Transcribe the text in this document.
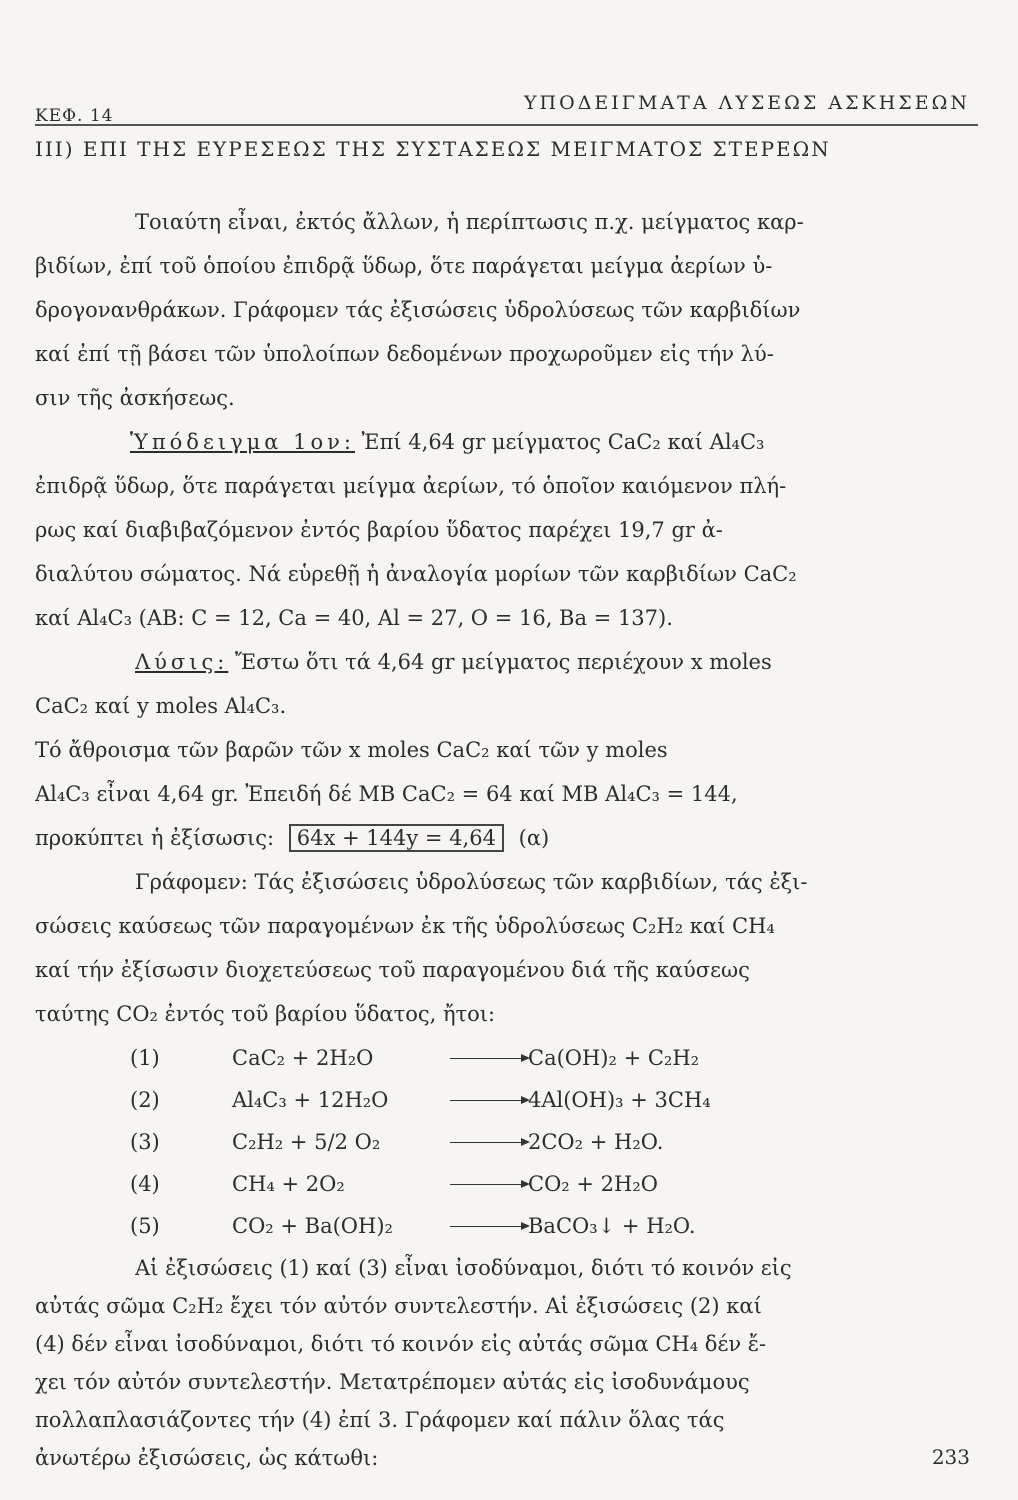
ΚΕΦ. 14
ΥΠΟΔΕΙΓΜΑΤΑ ΛΥΣΕΩΣ ΑΣΚΗΣΕΩΝ
III) ΕΠΙ ΤΗΣ ΕΥΡΕΣΕΩΣ ΤΗΣ ΣΥΣΤΑΣΕΩΣ ΜΕΙΓΜΑΤΟΣ ΣΤΕΡΕΩΝ
Τοιαύτη εἶναι, ἐκτός ἄλλων, ἡ περίπτωσις π.χ. μείγματος καρ-
βιδίων, ἐπί τοῦ ὁποίου ἐπιδρᾷ ὕδωρ, ὅτε παράγεται μείγμα ἀερίων ὑ-
δρογονανθράκων. Γράφομεν τάς ἐξισώσεις ὑδρολύσεως τῶν καρβιδίων
καί ἐπί τῇ βάσει τῶν ὑπολοίπων δεδομένων προχωροῦμεν εἰς τήν λύ-
σιν τῆς ἀσκήσεως.
Ὑπόδειγμα 1ον: Ἐπί 4,64 gr μείγματος CaC₂ καί Al₄C₃
ἐπιδρᾷ ὕδωρ, ὅτε παράγεται μείγμα ἀερίων, τό ὁποῖον καιόμενον πλή-
ρως καί διαβιβαζόμενον ἐντός βαρίου ὕδατος παρέχει 19,7 gr ἀ-
διαλύτου σώματος. Νά εὑρεθῇ ἡ ἀναλογία μορίων τῶν καρβιδίων CaC₂
καί Al₄C₃ (ΑΒ: C = 12, Ca = 40, Al = 27, O = 16, Ba = 137).
Λύσις: Ἔστω ὅτι τά 4,64 gr μείγματος περιέχουν x moles
CaC₂ καί y moles Al₄C₃.
Τό ἄθροισμα τῶν βαρῶν τῶν x moles CaC₂ καί τῶν y moles
Al₄C₃ εἶναι 4,64 gr. Ἐπειδή δέ ΜΒ CaC₂ = 64 καί ΜΒ Al₄C₃ = 144,
προκύπτει ἡ ἐξίσωσις: 64x + 144y = 4,64 (α)
Γράφομεν: Τάς ἐξισώσεις ὑδρολύσεως τῶν καρβιδίων, τάς ἐξι-
σώσεις καύσεως τῶν παραγομένων ἐκ τῆς ὑδρολύσεως C₂H₂ καί CH₄
καί τήν ἐξίσωσιν διοχετεύσεως τοῦ παραγομένου διά τῆς καύσεως
ταύτης CO₂ ἐντός τοῦ βαρίου ὕδατος, ἤτοι:
(1)	CaC₂ + 2H₂O	Ca(OH)₂ + C₂H₂
(2)	Al₄C₃ + 12H₂O	4Al(OH)₃ + 3CH₄
(3)	C₂H₂ + 5/2 O₂	2CO₂ + H₂O.
(4)	CH₄ + 2O₂	CO₂ + 2H₂O
(5)	CO₂ + Ba(OH)₂	BaCO₃↓ + H₂O.
Αἱ ἐξισώσεις (1) καί (3) εἶναι ἰσοδύναμοι, διότι τό κοινόν εἰς
αὐτάς σῶμα C₂H₂ ἔχει τόν αὐτόν συντελεστήν. Αἱ ἐξισώσεις (2) καί
(4) δέν εἶναι ἰσοδύναμοι, διότι τό κοινόν εἰς αὐτάς σῶμα CH₄ δέν ἔ-
χει τόν αὐτόν συντελεστήν. Μετατρέπομεν αὐτάς εἰς ἰσοδυνάμους
πολλαπλασιάζοντες τήν (4) ἐπί 3. Γράφομεν καί πάλιν ὅλας τάς
ἀνωτέρω ἐξισώσεις, ὡς κάτωθι:	233
